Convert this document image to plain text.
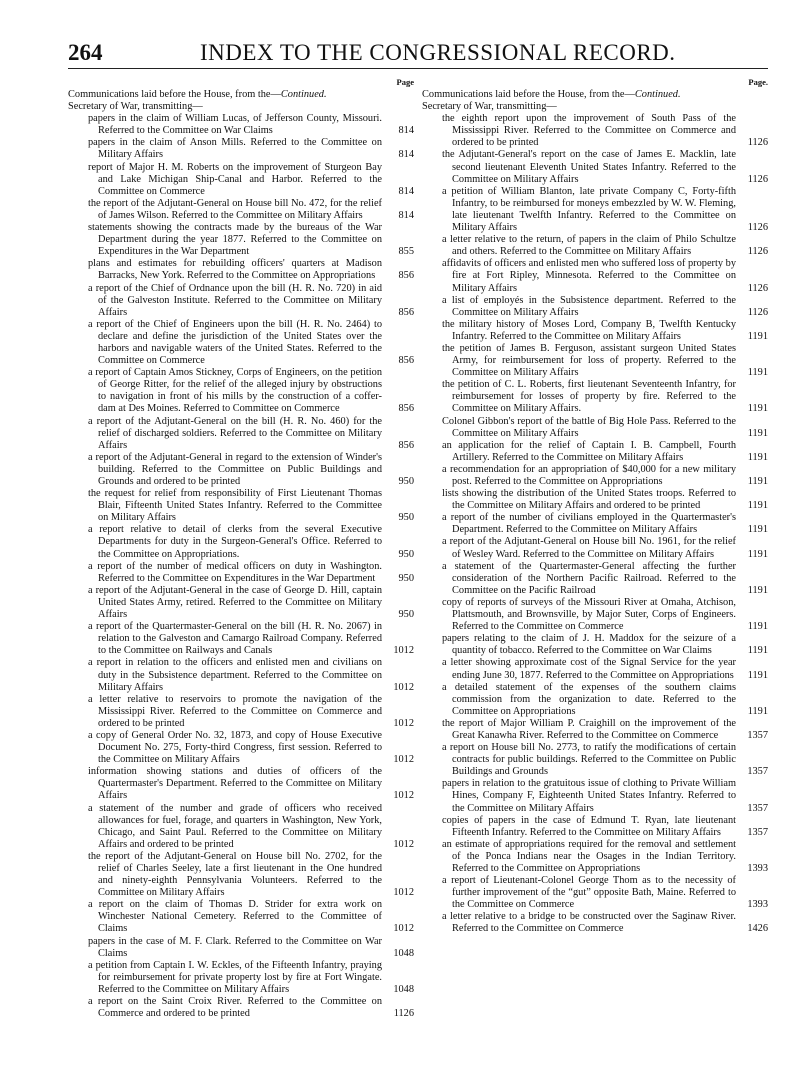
264	INDEX TO THE CONGRESSIONAL RECORD.
Page
Communications laid before the House, from the—Continued.
Secretary of War, transmitting—
papers in the claim of William Lucas, of Jefferson County, Missouri. Referred to the Committee on War Claims	814
papers in the claim of Anson Mills. Referred to the Committee on Military Affairs	814
report of Major H. M. Roberts on the improvement of Sturgeon Bay and Lake Michigan Ship-Canal and Harbor. Referred to the Committee on Commerce	814
the report of the Adjutant-General on House bill No. 472, for the relief of James Wilson. Referred to the Committee on Military Affairs	814
statements showing the contracts made by the bureaus of the War Department during the year 1877. Referred to the Committee on Expenditures in the War Department	855
plans and estimates for rebuilding officers' quarters at Madison Barracks, New York. Referred to the Committee on Appropriations 856
a report of the Chief of Ordnance upon the bill (H. R. No. 720) in aid of the Galveston Institute. Referred to the Committee on Military Affairs	856
a report of the Chief of Engineers upon the bill (H. R. No. 2464) to declare and define the jurisdiction of the United States over the harbors and navigable waters of the United States. Referred to the Committee on Commerce	856
a report of Captain Amos Stickney, Corps of Engineers, on the petition of George Ritter, for the relief of the alleged injury by obstructions to navigation in front of his mills by the construction of a coffer-dam at Des Moines. Referred to Committee on Commerce	856
a report of the Adjutant-General on the bill (H. R. No. 460) for the relief of discharged soldiers. Referred to the Committee on Military Affairs	856
a report of the Adjutant-General in regard to the extension of Winder's building. Referred to the Committee on Public Buildings and Grounds and ordered to be printed	950
the request for relief from responsibility of First Lieutenant Thomas Blair, Fifteenth United States Infantry. Referred to the Committee on Military Affairs	950
a report relative to detail of clerks from the several Executive Departments for duty in the Surgeon-General's Office. Referred to the Committee on Appropriations.	950
a report of the number of medical officers on duty in Washington. Referred to the Committee on Expenditures in the War Department 950
a report of the Adjutant-General in the case of George D. Hill, captain United States Army, retired. Referred to the Committee on Military Affairs	950
a report of the Quartermaster-General on the bill (H. R. No. 2067) in relation to the Galveston and Camargo Railroad Company. Referred to the Committee on Railways and Canals	1012
a report in relation to the officers and enlisted men and civilians on duty in the Subsistence department. Referred to the Committee on Military Affairs	1012
a letter relative to reservoirs to promote the navigation of the Mississippi River. Referred to the Committee on Commerce and ordered to be printed	1012
a copy of General Order No. 32, 1873, and copy of House Executive Document No. 275, Forty-third Congress, first session. Referred to the Committee on Military Affairs	1012
information showing stations and duties of officers of the Quartermaster's Department. Referred to the Committee on Military Affairs	1012
a statement of the number and grade of officers who received allowances for fuel, forage, and quarters in Washington, New York, Chicago, and Saint Paul. Referred to the Committee on Military Affairs and ordered to be printed	1012
the report of the Adjutant-General on House bill No. 2702, for the relief of Charles Seeley, late a first lieutenant in the One hundred and ninety-eighth Pennsylvania Volunteers. Referred to the Committee on Military Affairs	1012
a report on the claim of Thomas D. Strider for extra work on Winchester National Cemetery. Referred to the Committee of Claims	1012
papers in the case of M. F. Clark. Referred to the Committee on War Claims	1048
a petition from Captain I. W. Eckles, of the Fifteenth Infantry, praying for reimbursement for private property lost by fire at Fort Wingate. Referred to the Committee on Military Affairs	1048
a report on the Saint Croix River. Referred to the Committee on Commerce and ordered to be printed	1126
Page.
Communications laid before the House, from the—Continued.
Secretary of War, transmitting—
the eighth report upon the improvement of South Pass of the Mississippi River. Referred to the Committee on Commerce and ordered to be printed	1126
the Adjutant-General's report on the case of James E. Macklin, late second lieutenant Eleventh United States Infantry. Referred to the Committee on Military Affairs	1126
a petition of William Blanton, late private Company C, Forty-fifth Infantry, to be reimbursed for moneys embezzled by W. W. Fleming, late lieutenant Twelfth Infantry. Referred to the Committee on Military Affairs	1126
a letter relative to the return, of papers in the claim of Philo Schultze and others. Referred to the Committee on Military Affairs	1126
affidavits of officers and enlisted men who suffered loss of property by fire at Fort Ripley, Minnesota. Referred to the Committee on Military Affairs	1126
a list of employés in the Subsistence department. Referred to the Committee on Military Affairs	1126
the military history of Moses Lord, Company B, Twelfth Kentucky Infantry. Referred to the Committee on Military Affairs	1191
the petition of James B. Ferguson, assistant surgeon United States Army, for reimbursement for loss of property. Referred to the Committee on Military Affairs	1191
the petition of C. L. Roberts, first lieutenant Seventeenth Infantry, for reimbursement for losses of property by fire. Referred to the Committee on Military Affairs.	1191
Colonel Gibbon's report of the battle of Big Hole Pass. Referred to the Committee on Military Affairs	1191
an application for the relief of Captain I. B. Campbell, Fourth Artillery. Referred to the Committee on Military Affairs	1191
a recommendation for an appropriation of $40,000 for a new military post. Referred to the Committee on Appropriations	1191
lists showing the distribution of the United States troops. Referred to the Committee on Military Affairs and ordered to be printed	1191
a report of the number of civilians employed in the Quartermaster's Department. Referred to the Committee on Military Affairs	1191
a report of the Adjutant-General on House bill No. 1961, for the relief of Wesley Ward. Referred to the Committee on Military Affairs	1191
a statement of the Quartermaster-General affecting the further consideration of the Northern Pacific Railroad. Referred to the Committee on the Pacific Railroad	1191
copy of reports of surveys of the Missouri River at Omaha, Atchison, Plattsmouth, and Brownsville, by Major Suter, Corps of Engineers. Referred to the Committee on Commerce	1191
papers relating to the claim of J. H. Maddox for the seizure of a quantity of tobacco. Referred to the Committee on War Claims	1191
a letter showing approximate cost of the Signal Service for the year ending June 30, 1877. Referred to the Committee on Appropriations 1191
a detailed statement of the expenses of the southern claims commission from the organization to date. Referred to the Committee on Appropriations	1191
the report of Major William P. Craighill on the improvement of the Great Kanawha River. Referred to the Committee on Commerce	1357
a report on House bill No. 2773, to ratify the modifications of certain contracts for public buildings. Referred to the Committee on Public Buildings and Grounds	1357
papers in relation to the gratuitous issue of clothing to Private William Hines, Company F, Eighteenth United States Infantry. Referred to the Committee on Military Affairs	1357
copies of papers in the case of Edmund T. Ryan, late lieutenant Fifteenth Infantry. Referred to the Committee on Military Affairs	1357
an estimate of appropriations required for the removal and settlement of the Ponca Indians near the Osages in the Indian Territory. Referred to the Committee on Appropriations	1393
a report of Lieutenant-Colonel George Thom as to the necessity of further improvement of the “gut” opposite Bath, Maine. Referred to the Committee on Commerce	1393
a letter relative to a bridge to be constructed over the Saginaw River. Referred to the Committee on Commerce	1426
